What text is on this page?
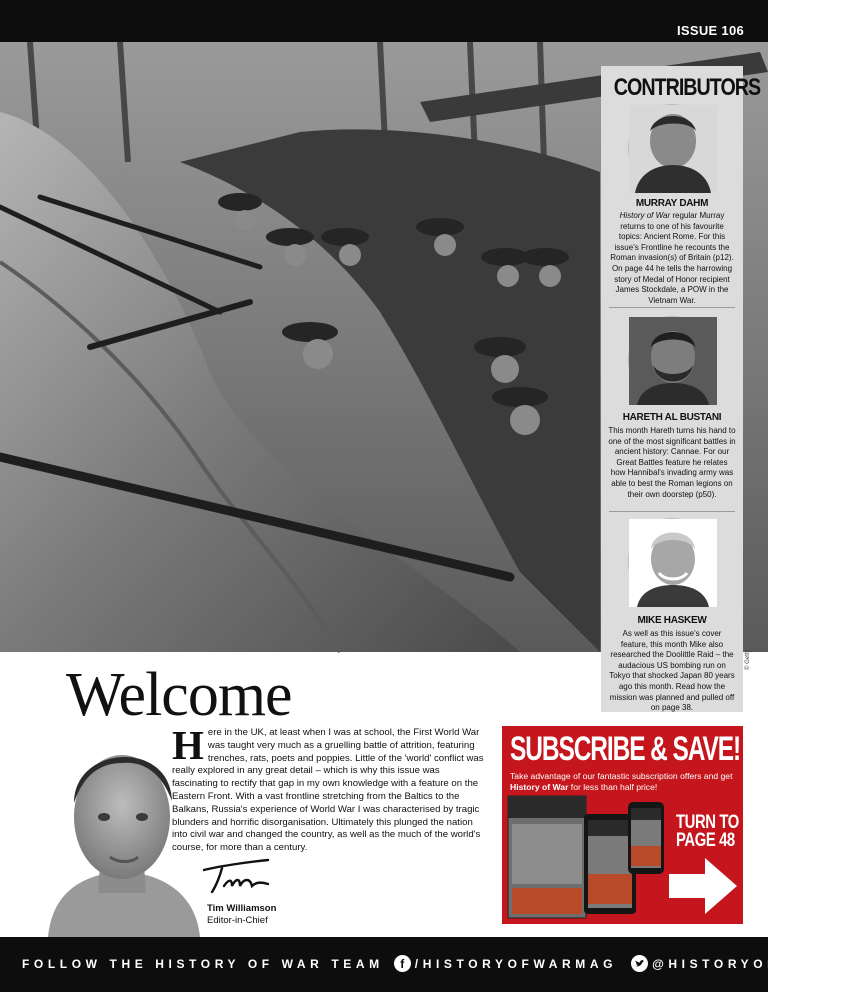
ISSUE 106
© Getty
CONTRIBUTORS
MURRAY DAHM
History of War regular Murray returns to one of his favourite topics: Ancient Rome. For this issue's Frontline he recounts the Roman invasion(s) of Britain (p12). On page 44 he tells the harrowing story of Medal of Honor recipient James Stockdale, a POW in the Vietnam War.
HARETH AL BUSTANI
This month Hareth turns his hand to one of the most significant battles in ancient history: Cannae. For our Great Battles feature he relates how Hannibal's invading army was able to best the Roman legions on their own doorstep (p50).
MIKE HASKEW
As well as this issue's cover feature, this month Mike also researched the Doolittle Raid – the audacious US bombing run on Tokyo that shocked Japan 80 years ago this month. Read how the mission was planned and pulled off on page 38.
Welcome
Here in the UK, at least when I was at school, the First World War was taught very much as a gruelling battle of attrition, featuring trenches, rats, poets and poppies. Little of the 'world' conflict was really explored in any great detail – which is why this issue was fascinating to rectify that gap in my own knowledge with a feature on the Eastern Front. With a vast frontline stretching from the Baltics to the Balkans, Russia's experience of World War I was characterised by tragic blunders and horrific disorganisation. Ultimately this plunged the nation into civil war and changed the country, as well as the much of the world's course, for more than a century.
Tim Williamson
Editor-in-Chief
SUBSCRIBE & SAVE!
Take advantage of our fantastic subscription offers and get History of War for less than half price!
TURN TO
PAGE 48
FOLLOW THE HISTORY OF WAR TEAM	f /HISTORYOFWARMAG	@HISTORYOFWARMAG
